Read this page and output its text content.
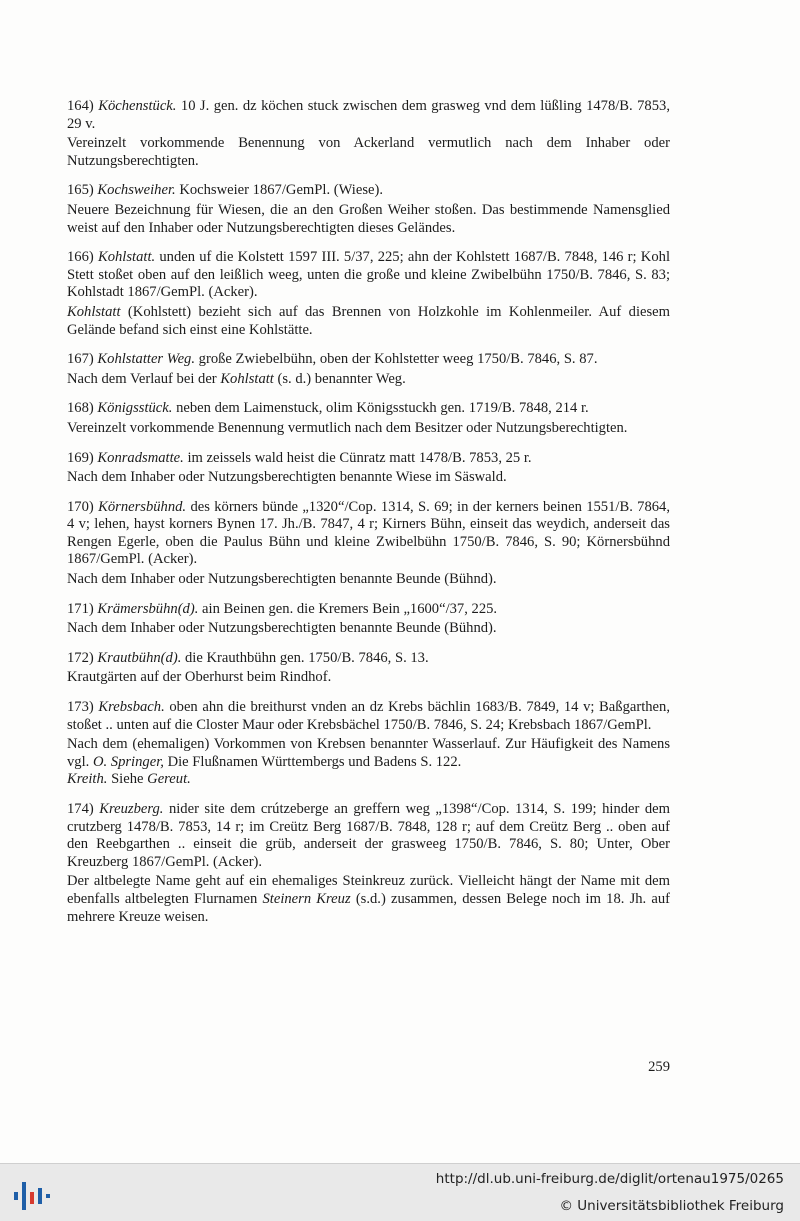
164) Köchenstück. 10 J. gen. dz köchen stuck zwischen dem grasweg vnd dem lüßling 1478/B. 7853, 29 v.
Vereinzelt vorkommende Benennung von Ackerland vermutlich nach dem Inhaber oder Nutzungsberechtigten.
165) Kochsweiher. Kochsweier 1867/GemPl. (Wiese).
Neuere Bezeichnung für Wiesen, die an den Großen Weiher stoßen. Das bestimmende Namensglied weist auf den Inhaber oder Nutzungsberechtigten dieses Geländes.
166) Kohlstatt. unden uf die Kolstett 1597 III. 5/37, 225; ahn der Kohlstett 1687/B. 7848, 146 r; Kohl Stett stoßet oben auf den leißlich weeg, unten die große und kleine Zwibelbühn 1750/B. 7846, S. 83; Kohlstadt 1867/GemPl. (Acker).
Kohlstatt (Kohlstett) bezieht sich auf das Brennen von Holzkohle im Kohlenmeiler. Auf diesem Gelände befand sich einst eine Kohlstätte.
167) Kohlstatter Weg. große Zwiebelbühn, oben der Kohlstetter weeg 1750/B. 7846, S. 87.
Nach dem Verlauf bei der Kohlstatt (s. d.) benannter Weg.
168) Königsstück. neben dem Laimenstuck, olim Königsstuckh gen. 1719/B. 7848, 214 r.
Vereinzelt vorkommende Benennung vermutlich nach dem Besitzer oder Nutzungsberechtigten.
169) Konradsmatte. im zeissels wald heist die Cünratz matt 1478/B. 7853, 25 r.
Nach dem Inhaber oder Nutzungsberechtigten benannte Wiese im Säswald.
170) Körnersbühnd. des körners bünde „1320“/Cop. 1314, S. 69; in der kerners beinen 1551/B. 7864, 4 v; lehen, hayst korners Bynen 17. Jh./B. 7847, 4 r; Kirners Bühn, einseit das weydich, anderseit das Rengen Egerle, oben die Paulus Bühn und kleine Zwibelbühn 1750/B. 7846, S. 90; Körnersbühnd 1867/GemPl. (Acker).
Nach dem Inhaber oder Nutzungsberechtigten benannte Beunde (Bühnd).
171) Krämersbühn(d). ain Beinen gen. die Kremers Bein „1600“/37, 225.
Nach dem Inhaber oder Nutzungsberechtigten benannte Beunde (Bühnd).
172) Krautbühn(d). die Krauthbühn gen. 1750/B. 7846, S. 13.
Krautgärten auf der Oberhurst beim Rindhof.
173) Krebsbach. oben ahn die breithurst vnden an dz Krebs bächlin 1683/B. 7849, 14 v; Baßgarthen, stoßet .. unten auf die Closter Maur oder Krebsbächel 1750/B. 7846, S. 24; Krebsbach 1867/GemPl.
Nach dem (ehemaligen) Vorkommen von Krebsen benannter Wasserlauf. Zur Häufigkeit des Namens vgl. O. Springer, Die Flußnamen Württembergs und Badens S. 122.
Kreith. Siehe Gereut.
174) Kreuzberg. nider site dem crútzeberge an greffern weg „1398“/Cop. 1314, S. 199; hinder dem crutzberg 1478/B. 7853, 14 r; im Creütz Berg 1687/B. 7848, 128 r; auf dem Creütz Berg .. oben auf den Reebgarthen .. einseit die grüb, anderseit der grasweeg 1750/B. 7846, S. 80; Unter, Ober Kreuzberg 1867/GemPl. (Acker).
Der altbelegte Name geht auf ein ehemaliges Steinkreuz zurück. Vielleicht hängt der Name mit dem ebenfalls altbelegten Flurnamen Steinern Kreuz (s.d.) zusammen, dessen Belege noch im 18. Jh. auf mehrere Kreuze weisen.
259
http://dl.ub.uni-freiburg.de/diglit/ortenau1975/0265
© Universitätsbibliothek Freiburg
